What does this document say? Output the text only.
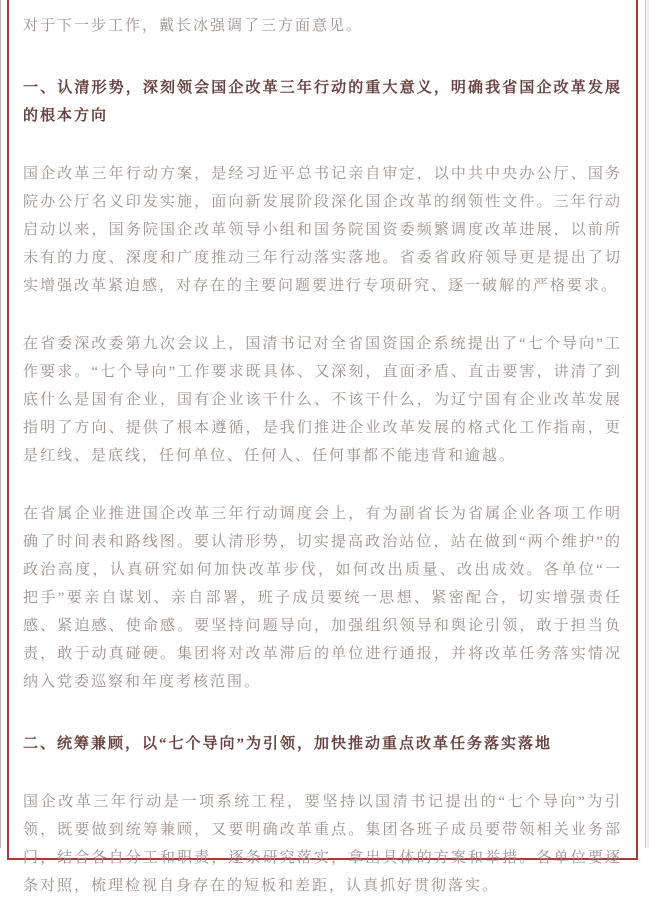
对于下一步工作，戴长冰强调了三方面意见。

一、认清形势，深刻领会国企改革三年行动的重大意义，明确我省国企改革发展的根本方向

国企改革三年行动方案，是经习近平总书记亲自审定，以中共中央办公厅、国务院办公厅名义印发实施，面向新发展阶段深化国企改革的纲领性文件。三年行动启动以来，国务院国企改革领导小组和国务院国资委频繁调度改革进展，以前所未有的力度、深度和广度推动三年行动落实落地。省委省政府领导更是提出了切实增强改革紧迫感，对存在的主要问题要进行专项研究、逐一破解的严格要求。

在省委深改委第九次会议上，国清书记对全省国资国企系统提出了“七个导向”工作要求。“七个导向”工作要求既具体、又深刻，直面矛盾、直击要害，讲清了到底什么是国有企业，国有企业该干什么、不该干什么，为辽宁国有企业改革发展指明了方向、提供了根本遵循，是我们推进企业改革发展的格式化工作指南，更是红线、是底线，任何单位、任何人、任何事都不能违背和逾越。

在省属企业推进国企改革三年行动调度会上，有为副省长为省属企业各项工作明确了时间表和路线图。要认清形势，切实提高政治站位，站在做到“两个维护”的政治高度，认真研究如何加快改革步伐，如何改出质量、改出成效。各单位“一把手”要亲自谋划、亲自部署，班子成员要统一思想、紧密配合，切实增强责任感、紧迫感、使命感。要坚持问题导向，加强组织领导和舆论引领，敢于担当负责，敢于动真碰硬。集团将对改革滞后的单位进行通报，并将改革任务落实情况纳入党委巡察和年度考核范围。

二、统筹兼顾，以“七个导向”为引领，加快推动重点改革任务落实落地

国企改革三年行动是一项系统工程，要坚持以国清书记提出的“七个导向”为引领，既要做到统筹兼顾，又要明确改革重点。集团各班子成员要带领相关业务部门，结合各自分工和职责，逐条研究落实，拿出具体的方案和举措。各单位要逐条对照，梳理检视自身存在的短板和差距，认真抓好贯彻落实。
